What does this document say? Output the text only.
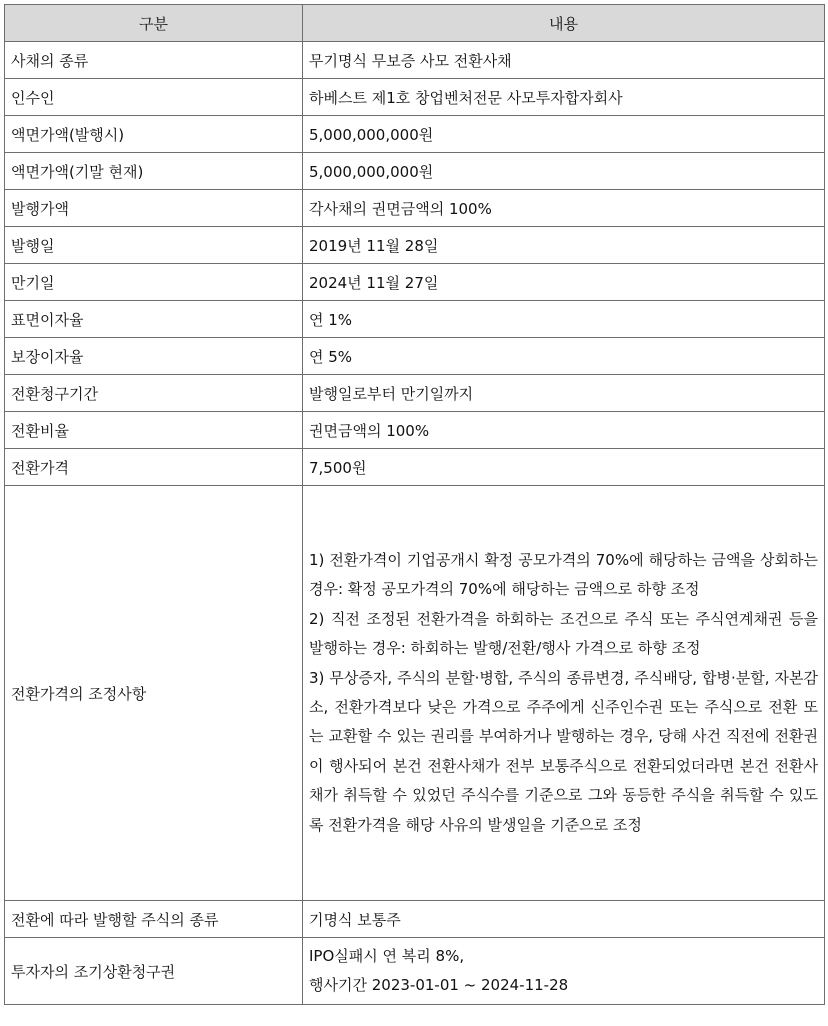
구분	내용
사채의 종류	무기명식 무보증 사모 전환사채
인수인	하베스트 제1호 창업벤처전문 사모투자합자회사
액면가액(발행시)	5,000,000,000원
액면가액(기말 현재)	5,000,000,000원
발행가액	각사채의 권면금액의 100%
발행일	2019년 11월 28일
만기일	2024년 11월 27일
표면이자율	연 1%
보장이자율	연 5%
전환청구기간	발행일로부터 만기일까지
전환비율	권면금액의 100%
전환가격	7,500원
전환가격의 조정사항	1) 전환가격이 기업공개시 확정 공모가격의 70%에 해당하는 금액을 상회하는 경우: 확정 공모가격의 70%에 해당하는 금액으로 하향 조정
2) 직전 조정된 전환가격을 하회하는 조건으로 주식 또는 주식연계채권 등을 발행하는 경우: 하회하는 발행/전환/행사 가격으로 하향 조정
3) 무상증자, 주식의 분할·병합, 주식의 종류변경, 주식배당, 합병·분할, 자본감소, 전환가격보다 낮은 가격으로 주주에게 신주인수권 또는 주식으로 전환 또는 교환할 수 있는 권리를 부여하거나 발행하는 경우, 당해 사건 직전에 전환권이 행사되어 본건 전환사채가 전부 보통주식으로 전환되었더라면 본건 전환사채가 취득할 수 있었던 주식수를 기준으로 그와 동등한 주식을 취득할 수 있도록 전환가격을 해당 사유의 발생일을 기준으로 조정

전환에 따라 발행할 주식의 종류	기명식 보통주
투자자의 조기상환청구권	IPO실패시 연 복리 8%,
행사기간 2023-01-01 ~ 2024-11-28
